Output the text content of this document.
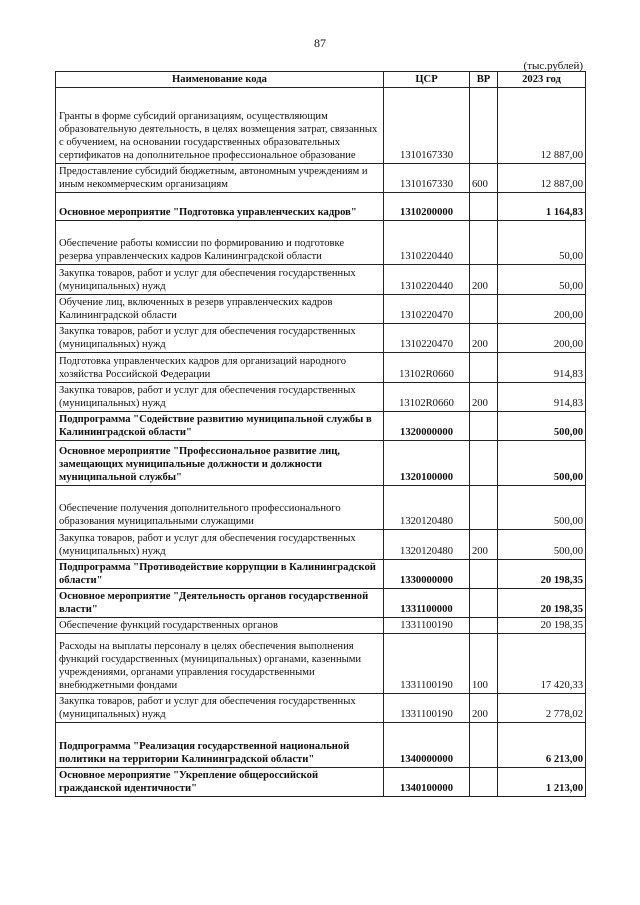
87
(тыс.рублей)
Наименование кода	ЦСР	ВР	2023 год
Гранты в форме субсидий организациям, осуществляющим образовательную деятельность, в целях возмещения затрат, связанных с обучением, на основании государственных образовательных сертификатов на дополнительное профессиональное образование	1310167330		12 887,00
Предоставление субсидий бюджетным, автономным учреждениям и иным некоммерческим организациям	1310167330	600	12 887,00
Основное мероприятие "Подготовка управленческих кадров"	1310200000		1 164,83
Обеспечение работы комиссии по формированию и подготовке резерва управленческих кадров Калининградской области	1310220440		50,00
Закупка товаров, работ и услуг для обеспечения государственных (муниципальных) нужд	1310220440	200	50,00
Обучение лиц, включенных в резерв управленческих кадров Калининградской области	1310220470		200,00
Закупка товаров, работ и услуг для обеспечения государственных (муниципальных) нужд	1310220470	200	200,00
Подготовка управленческих кадров для организаций народного хозяйства Российской Федерации	13102R0660		914,83
Закупка товаров, работ и услуг для обеспечения государственных (муниципальных) нужд	13102R0660	200	914,83
Подпрограмма "Содействие развитию муниципальной службы в Калининградской области"	1320000000		500,00
Основное мероприятие "Профессиональное развитие лиц, замещающих муниципальные должности и должности муниципальной службы"	1320100000		500,00
Обеспечение получения дополнительного профессионального образования муниципальными служащими	1320120480		500,00
Закупка товаров, работ и услуг для обеспечения государственных (муниципальных) нужд	1320120480	200	500,00
Подпрограмма "Противодействие коррупции в Калининградской области"	1330000000		20 198,35
Основное мероприятие "Деятельность органов государственной власти"	1331100000		20 198,35
Обеспечение функций государственных органов	1331100190		20 198,35
Расходы на выплаты персоналу в целях обеспечения выполнения функций государственных (муниципальных) органами, казенными учреждениями, органами управления государственными внебюджетными фондами	1331100190	100	17 420,33
Закупка товаров, работ и услуг для обеспечения государственных (муниципальных) нужд	1331100190	200	2 778,02
Подпрограмма "Реализация государственной национальной политики на территории Калининградской области"	1340000000		6 213,00
Основное мероприятие "Укрепление общероссийской гражданской идентичности"	1340100000		1 213,00
